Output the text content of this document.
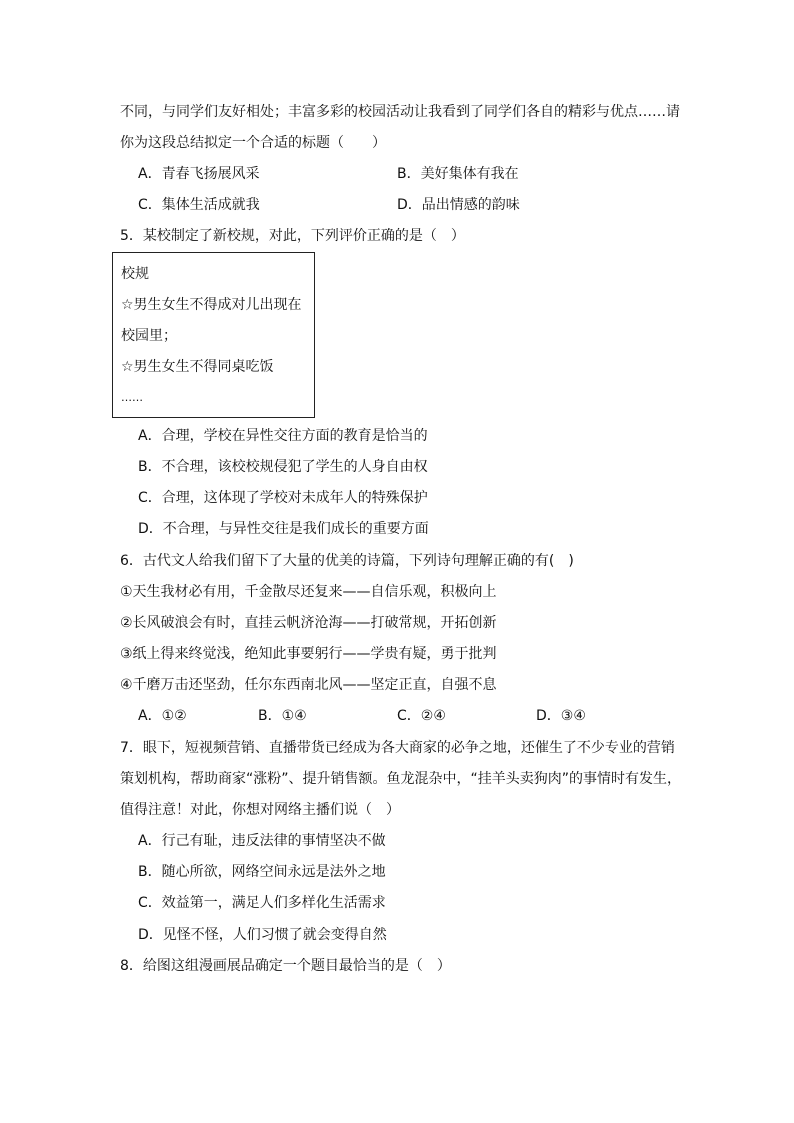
不同，与同学们友好相处；丰富多彩的校园活动让我看到了同学们各自的精彩与优点……请
你为这段总结拟定一个合适的标题（　　）
A．青春飞扬展风采	B．美好集体有我在
C．集体生活成就我	D．品出情感的韵味
5．某校制定了新校规，对此，下列评价正确的是（　）
校规
☆男生女生不得成对儿出现在
校园里；
☆男生女生不得同桌吃饭
……
A．合理，学校在异性交往方面的教育是恰当的
B．不合理，该校校规侵犯了学生的人身自由权
C．合理，这体现了学校对未成年人的特殊保护
D．不合理，与异性交往是我们成长的重要方面
6．古代文人给我们留下了大量的优美的诗篇，下列诗句理解正确的有(　)
①天生我材必有用，千金散尽还复来——自信乐观，积极向上
②长风破浪会有时，直挂云帆济沧海——打破常规，开拓创新
③纸上得来终觉浅，绝知此事要躬行——学贵有疑，勇于批判
④千磨万击还坚劲，任尔东西南北风——坚定正直，自强不息
A．①②	B．①④	C．②④	D．③④
7．眼下，短视频营销、直播带货已经成为各大商家的必争之地，还催生了不少专业的营销
策划机构，帮助商家“涨粉”、提升销售额。鱼龙混杂中，“挂羊头卖狗肉”的事情时有发生，
值得注意！对此，你想对网络主播们说（　）
A．行己有耻，违反法律的事情坚决不做
B．随心所欲，网络空间永远是法外之地
C．效益第一，满足人们多样化生活需求
D．见怪不怪，人们习惯了就会变得自然
8．给图这组漫画展品确定一个题目最恰当的是（　）
